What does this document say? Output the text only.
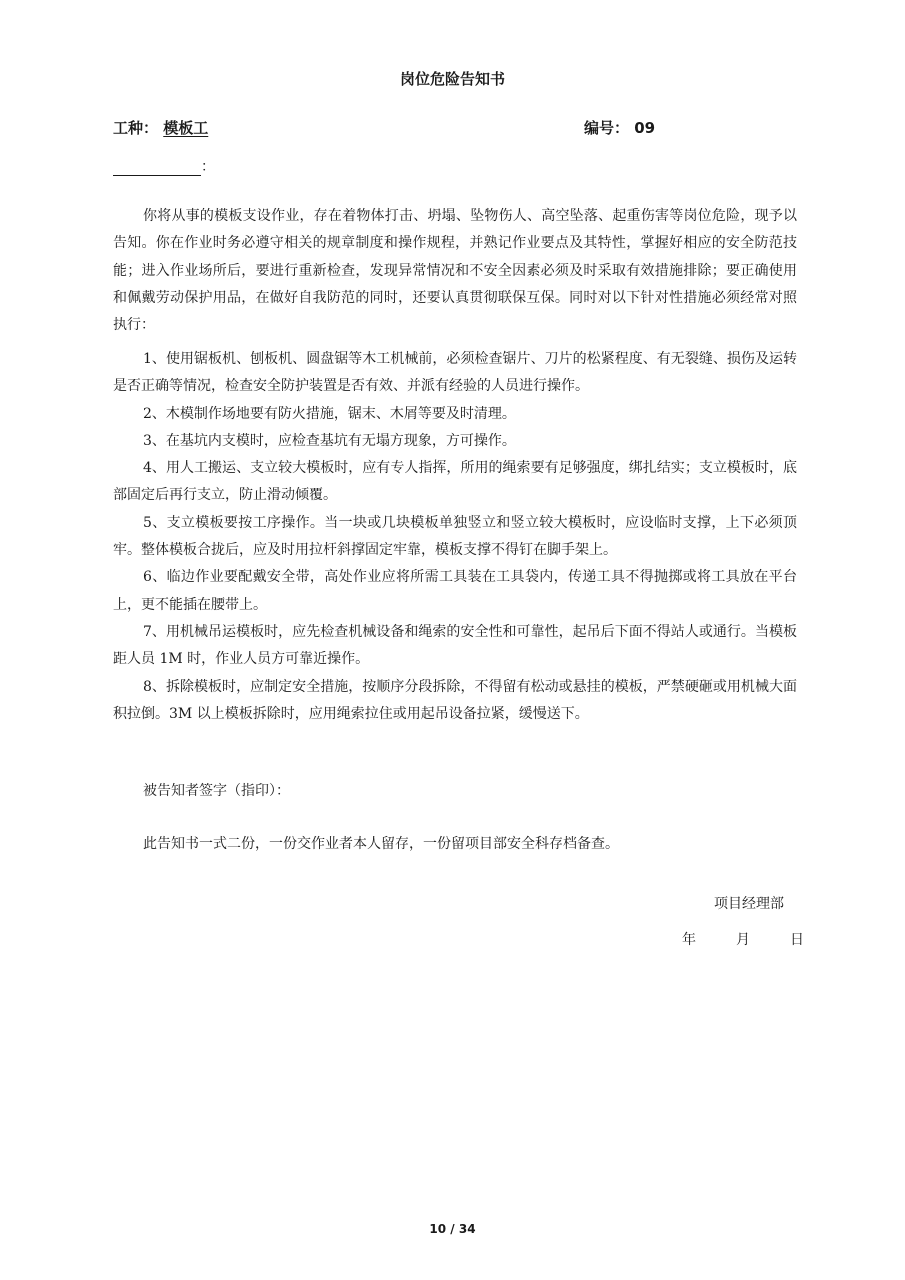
岗位危险告知书
工种： 模板工	编号： 09
：

你将从事的模板支设作业，存在着物体打击、坍塌、坠物伤人、高空坠落、起重伤害等岗位危险，现予以告知。你在作业时务必遵守相关的规章制度和操作规程，并熟记作业要点及其特性，掌握好相应的安全防范技能；进入作业场所后，要进行重新检查，发现异常情况和不安全因素必须及时采取有效措施排除；要正确使用和佩戴劳动保护用品，在做好自我防范的同时，还要认真贯彻联保互保。同时对以下针对性措施必须经常对照执行：

1、使用锯板机、刨板机、圆盘锯等木工机械前，必须检查锯片、刀片的松紧程度、有无裂缝、损伤及运转是否正确等情况，检查安全防护装置是否有效、并派有经验的人员进行操作。

2、木模制作场地要有防火措施，锯末、木屑等要及时清理。

3、在基坑内支模时，应检查基坑有无塌方现象，方可操作。

4、用人工搬运、支立较大模板时，应有专人指挥，所用的绳索要有足够强度，绑扎结实；支立模板时，底部固定后再行支立，防止滑动倾覆。

5、支立模板要按工序操作。当一块或几块模板单独竖立和竖立较大模板时，应设临时支撑，上下必须顶牢。整体模板合拢后，应及时用拉杆斜撑固定牢靠，模板支撑不得钉在脚手架上。

6、临边作业要配戴安全带，高处作业应将所需工具装在工具袋内，传递工具不得抛掷或将工具放在平台上，更不能插在腰带上。

7、用机械吊运模板时，应先检查机械设备和绳索的安全性和可靠性，起吊后下面不得站人或通行。当模板距人员 1M 时，作业人员方可靠近操作。

8、拆除模板时，应制定安全措施，按顺序分段拆除，不得留有松动或悬挂的模板，严禁硬砸或用机械大面积拉倒。3M 以上模板拆除时，应用绳索拉住或用起吊设备拉紧，缓慢送下。

被告知者签字（指印）：
此告知书一式二份，一份交作业者本人留存，一份留项目部安全科存档备查。
项目经理部
年	月	日
10 / 34
